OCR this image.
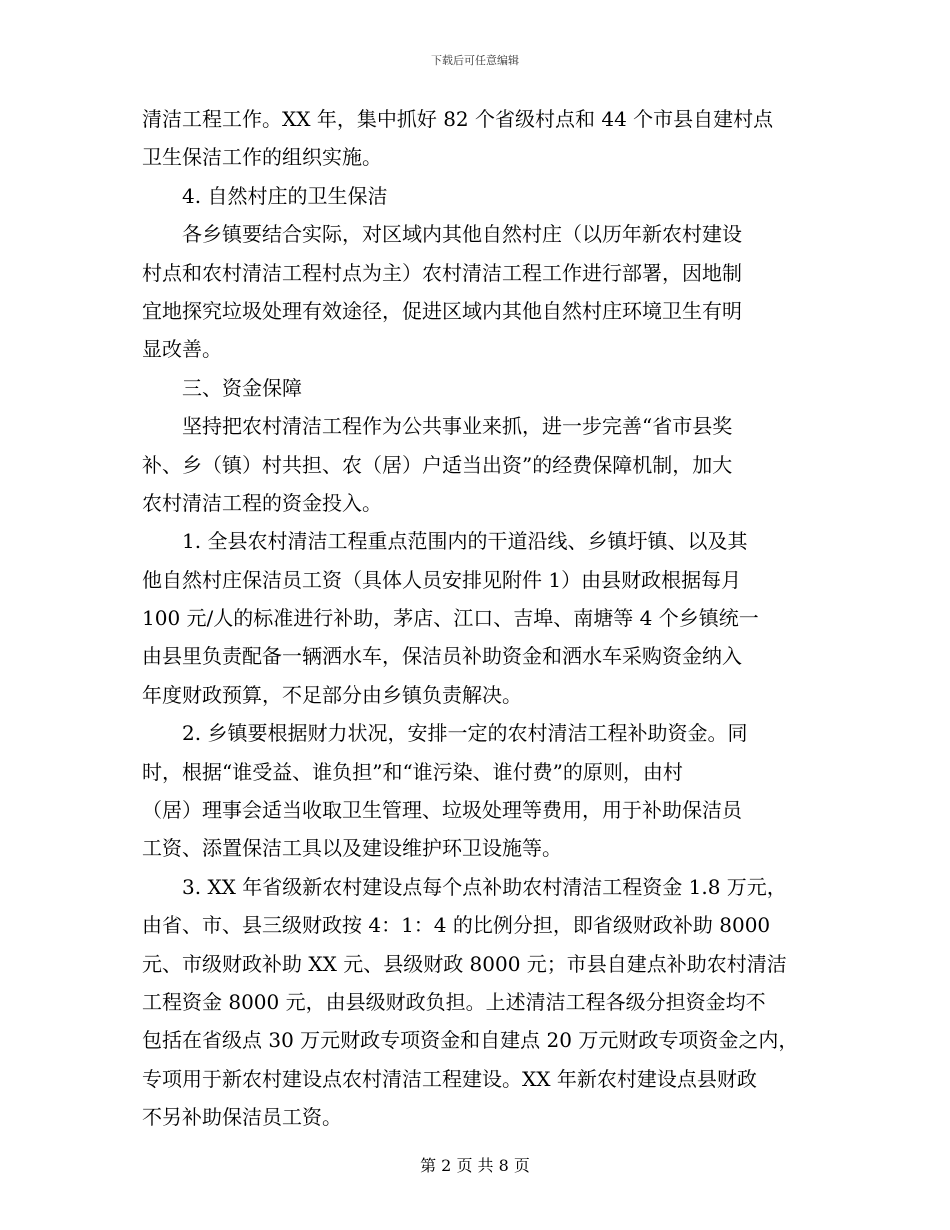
下载后可任意编辑
清洁工程工作。XX 年，集中抓好 82 个省级村点和 44 个市县自建村点
卫生保洁工作的组织实施。
4. 自然村庄的卫生保洁
各乡镇要结合实际，对区域内其他自然村庄（以历年新农村建设
村点和农村清洁工程村点为主）农村清洁工程工作进行部署，因地制
宜地探究垃圾处理有效途径，促进区域内其他自然村庄环境卫生有明
显改善。
三、资金保障
坚持把农村清洁工程作为公共事业来抓，进一步完善“省市县奖
补、乡（镇）村共担、农（居）户适当出资”的经费保障机制，加大
农村清洁工程的资金投入。
1. 全县农村清洁工程重点范围内的干道沿线、乡镇圩镇、以及其
他自然村庄保洁员工资（具体人员安排见附件 1）由县财政根据每月
100 元/人的标准进行补助，茅店、江口、吉埠、南塘等 4 个乡镇统一
由县里负责配备一辆洒水车，保洁员补助资金和洒水车采购资金纳入
年度财政预算，不足部分由乡镇负责解决。
2. 乡镇要根据财力状况，安排一定的农村清洁工程补助资金。同
时，根据“谁受益、谁负担”和“谁污染、谁付费”的原则，由村
（居）理事会适当收取卫生管理、垃圾处理等费用，用于补助保洁员
工资、添置保洁工具以及建设维护环卫设施等。
3. XX 年省级新农村建设点每个点补助农村清洁工程资金 1.8 万元，
由省、市、县三级财政按 4：1：4 的比例分担，即省级财政补助 8000
元、市级财政补助 XX 元、县级财政 8000 元；市县自建点补助农村清洁
工程资金 8000 元，由县级财政负担。上述清洁工程各级分担资金均不
包括在省级点 30 万元财政专项资金和自建点 20 万元财政专项资金之内，
专项用于新农村建设点农村清洁工程建设。XX 年新农村建设点县财政
不另补助保洁员工资。
第 2 页 共 8 页
